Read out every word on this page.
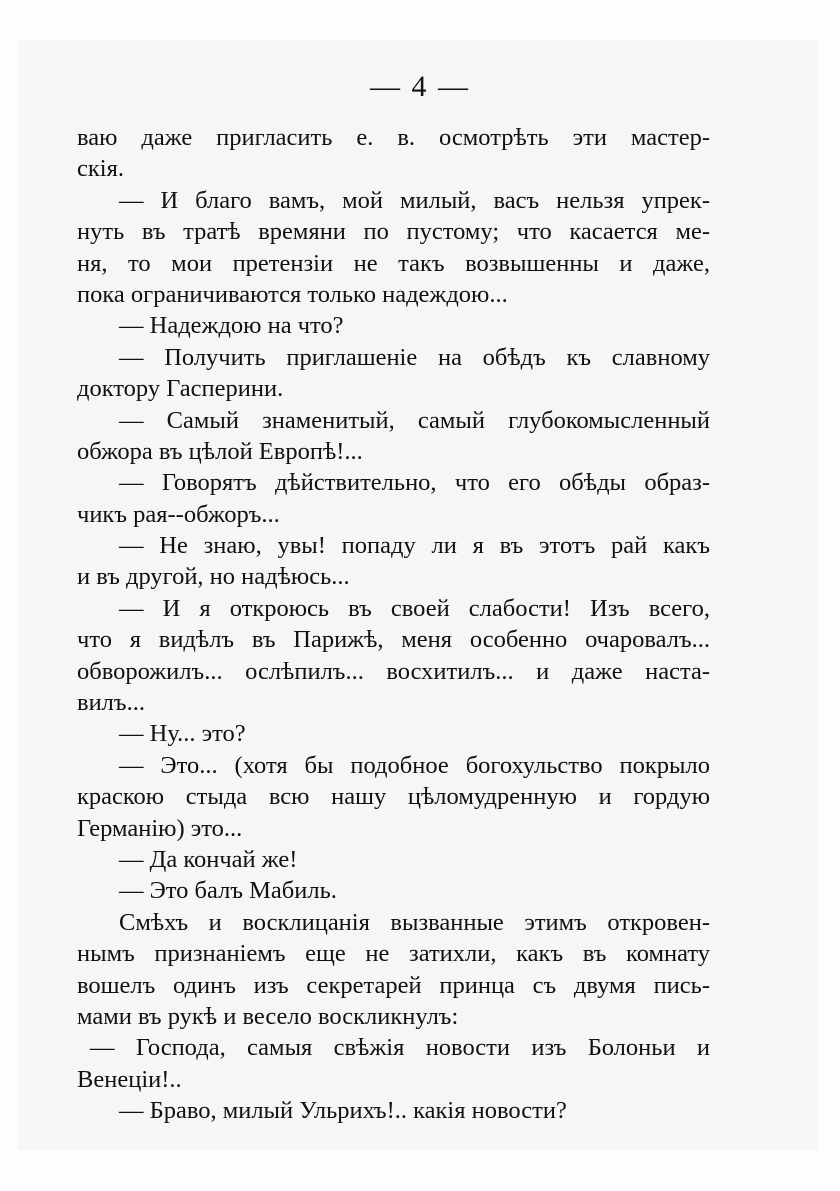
— 4 —
ваю даже пригласить е. в. осмотрѣть эти мастер-
скія.
— И благо вамъ, мой милый, васъ нельзя упрек-
нуть въ тратѣ времяни по пустому; что касается ме-
ня, то мои претензіи не такъ возвышенны и даже,
пока ограничиваются только надеждою...
— Надеждою на что?
— Получить приглашеніе на обѣдъ къ славному
доктору Гасперини.
— Самый знаменитый, самый глубокомысленный
обжора въ цѣлой Европѣ!...
— Говорятъ дѣйствительно, что его обѣды образ-
чикъ рая--обжоръ...
— Не знаю, увы! попаду ли я въ этотъ рай какъ
и въ другой, но надѣюсь...
— И я откроюсь въ своей слабости! Изъ всего,
что я видѣлъ въ Парижѣ, меня особенно очаровалъ...
обворожилъ... ослѣпилъ... восхитилъ... и даже наста-
вилъ...
— Ну... это?
— Это... (хотя бы подобное богохульство покрыло
краскою стыда всю нашу цѣломудренную и гордую
Германію) это...
— Да кончай же!
— Это балъ Мабиль.
Смѣхъ и восклицанія вызванные этимъ откровен-
нымъ признаніемъ еще не затихли, какъ въ комнату
вошелъ одинъ изъ секретарей принца съ двумя пись-
мами въ рукѣ и весело воскликнулъ:
— Господа, самыя свѣжія новости изъ Болоньи и
Венеціи!..
— Браво, милый Ульрихъ!.. какія новости?
